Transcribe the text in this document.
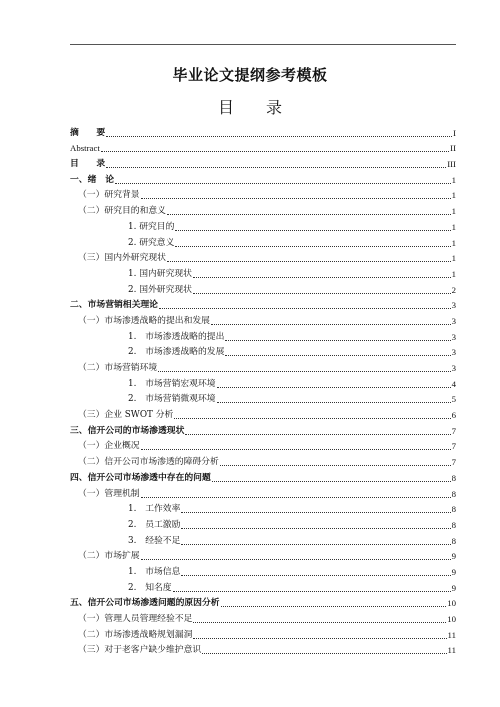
毕业论文提纲参考模板
目　　录
摘　　要	I
Abstract	II
目　　录	III
一、绪　论	1
（一）研究背景	1
（二）研究目的和意义	1
1. 研究目的	1
2. 研究意义	1
（三）国内外研究现状	1
1. 国内研究现状	1
2. 国外研究现状	2
二、市场营销相关理论	3
（一）市场渗透战略的提出和发展	3
1.　市场渗透战略的提出	3
2.　市场渗透战略的发展	3
（二）市场营销环境	3
1.　市场营销宏观环境	4
2.　市场营销微观环境	5
（三）企业 SWOT 分析	6
三、信开公司的市场渗透现状	7
（一）企业概况	7
（二）信开公司市场渗透的障碍分析	7
四、信开公司市场渗透中存在的问题	8
（一）管理机制	8
1.　工作效率	8
2.　员工激励	8
3.　经验不足	8
（二）市场扩展	9
1.　市场信息	9
2.　知名度	9
五、信开公司市场渗透问题的原因分析	10
（一）管理人员管理经验不足	10
（二）市场渗透战略规划漏洞	11
（三）对于老客户缺少维护意识	11
